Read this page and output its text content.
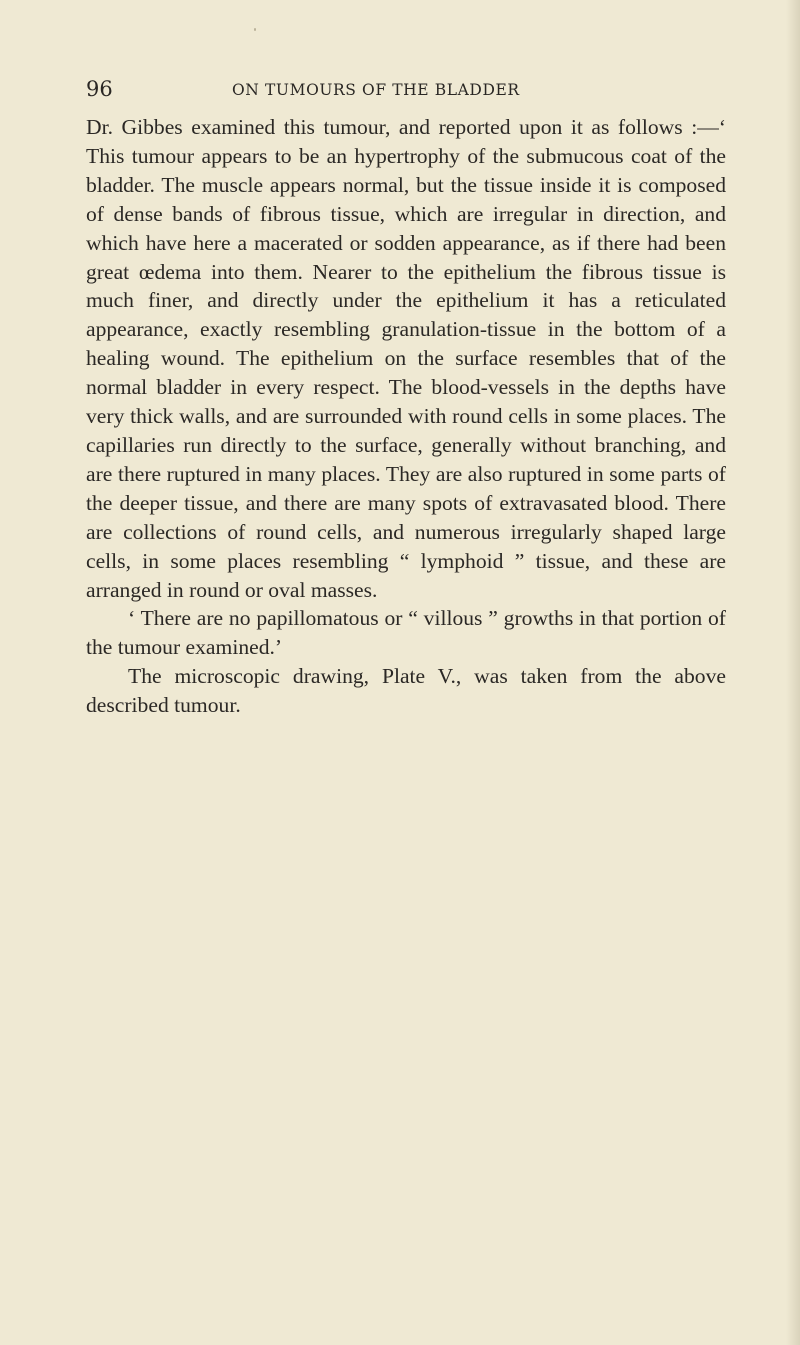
96	ON TUMOURS OF THE BLADDER

Dr. Gibbes examined this tumour, and reported upon it as follows :—‘ This tumour appears to be an hypertrophy of the submucous coat of the bladder. The muscle appears normal, but the tissue inside it is composed of dense bands of fibrous tissue, which are irregular in direction, and which have here a macerated or sodden appearance, as if there had been great œdema into them. Nearer to the epithelium the fibrous tissue is much finer, and directly under the epithelium it has a reticulated appearance, exactly resembling granulation-tissue in the bottom of a healing wound. The epithelium on the surface resembles that of the normal bladder in every respect. The blood-vessels in the depths have very thick walls, and are surrounded with round cells in some places. The capillaries run directly to the surface, generally without branching, and are there ruptured in many places. They are also ruptured in some parts of the deeper tissue, and there are many spots of extravasated blood. There are collections of round cells, and numerous irregularly shaped large cells, in some places resembling “ lymphoid ” tissue, and these are arranged in round or oval masses.

‘ There are no papillomatous or “ villous ” growths in that portion of the tumour examined.’

The microscopic drawing, Plate V., was taken from the above described tumour.
